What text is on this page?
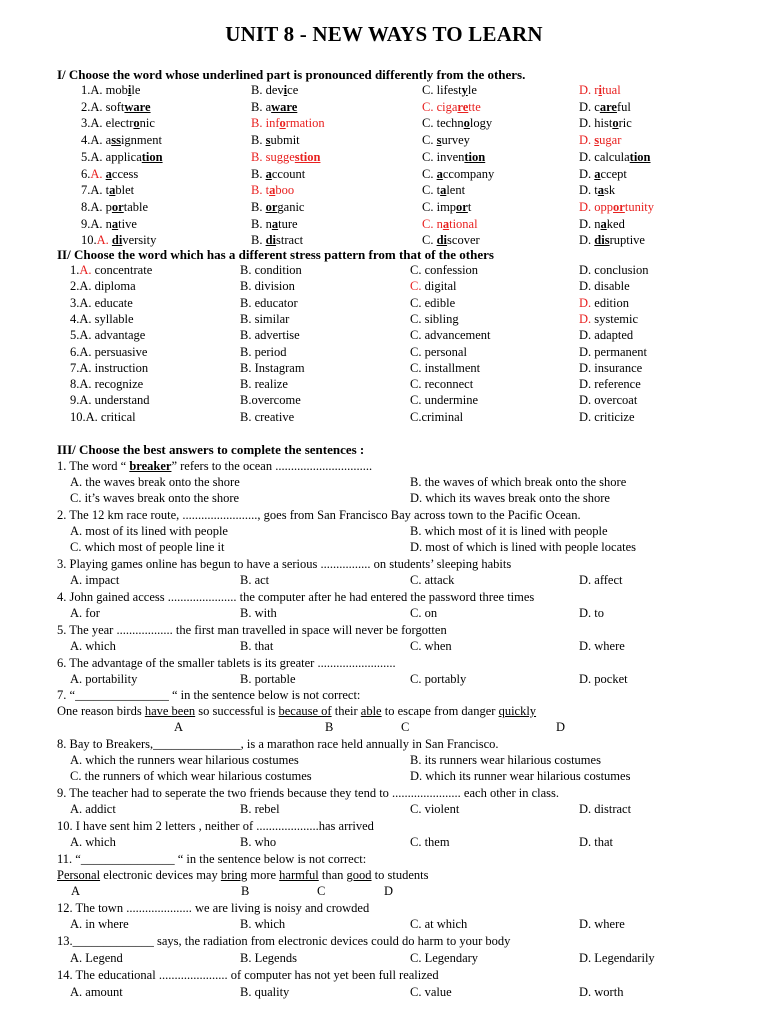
UNIT 8 - NEW WAYS TO LEARN
I/ Choose the word whose underlined part is pronounced differently from the others.
1.A. mobile	B. device	C. lifestyle	D. ritual
2.A. software	B. aware	C. cigarette	D. careful
3.A. electronic	B. information	C. technology	D. historic
4.A. assignment	B. submit	C. survey	D. sugar
5.A. application	B. suggestion	C. invention	D. calculation
6.A. access	B. account	C. accompany	D. accept
7.A. tablet	B. taboo	C. talent	D. task
8.A. portable	B. organic	C. import	D. opportunity
9.A. native	B. nature	C. national	D. naked
10.A. diversity	B. distract	C. discover	D. disruptive
II/ Choose the word which has a different stress pattern from that of the others
1.A. concentrate	B. condition	C. confession	D. conclusion
2.A. diploma	B. division	C. digital	D. disable
3.A. educate	B. educator	C. edible	D. edition
4.A. syllable	B. similar	C. sibling	D. systemic
5.A. advantage	B. advertise	C. advancement	D. adapted
6.A. persuasive	B. period	C. personal	D. permanent
7.A. instruction	B. Instagram	C. installment	D. insurance
8.A. recognize	B. realize	C. reconnect	D. reference
9.A. understand	B.overcome	C. undermine	D. overcoat
10.A. critical	B. creative	C.criminal	D. criticize
III/ Choose the best answers to complete the sentences :
1. The word “ breaker” refers to the ocean ...............................
A. the waves break onto the shore	B. the waves of which break onto the shore
C. it’s waves break onto the shore	D. which its waves break onto the shore
2. The 12 km race route, ........................, goes from San Francisco Bay across town to the Pacific Ocean.
A. most of its lined with people	B. which most of it is lined with people
C. which most of people line it	D. most of which is lined with people locates
3. Playing games online has begun to have a serious ................ on students’ sleeping habits
A. impact	B. act	C. attack	D. affect
4. John gained access ...................... the computer after he had entered the password three times
A. for	B. with	C. on	D. to
5. The year .................. the first man travelled in space will never be forgotten
A. which	B. that	C. when	D. where
6. The advantage of the smaller tablets is its greater .........................
A. portability	B. portable	C. portably	D. pocket
7. “_______________ “ in the sentence below is not correct:
One reason birds have been so successful is because of their able to escape from danger quickly
A	B	C	D
8. Bay to Breakers,______________, is a marathon race held annually in San Francisco.
A. which the runners wear hilarious costumes	B. its runners wear hilarious costumes
C. the runners of which wear hilarious costumes	D. which its runner wear hilarious costumes
9. The teacher had to seperate the two friends because they tend to ...................... each other in class.
A. addict	B. rebel	C. violent	D. distract
10. I have sent him 2 letters , neither of ....................has arrived
A. which	B. who	C. them	D. that
11. “_______________ “ in the sentence below is not correct:
Personal electronic devices may bring more harmful than good to students
A	B	C	D
12. The town ..................... we are living is noisy and crowded
A. in where	B. which	C. at which	D. where
13._____________ says, the radiation from electronic devices could do harm to your body
A. Legend	B. Legends	C. Legendary	D. Legendarily
14. The educational ...................... of computer has not yet been full realized
A. amount	B. quality	C. value	D. worth
